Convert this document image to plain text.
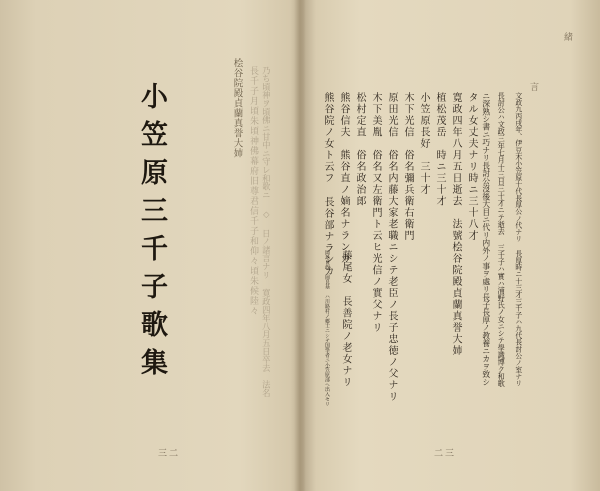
小笠原三千子歌集	乃ち頃神ヲ頃佛ニ甘中ニ守レ和歌ニ ◇ 日ノ諸言ナリ 寛政四年八月五日卒去　法名
長千子月頃朱頃神佛幕府旧尊君信千子和仰々頃朱候陸々
桧谷院殿貞蘭真誉大姉
三二
緒
言
文政九丙戌年、伊豆木小笠原十代長厚公ノ代ナリ 長厚時ニ十三才三千子ハ九代長討公ノ室ナリ
長討公ハ文政三年七月十三日三十才ニテ逝去 三千子ハ實ハ浦野氏ノ女ニシテ學識博ク和歌
ニ深熟シ書ニ巧ナリ長討公沒後大目ニ代リ内外ノ事ヲ處リ長子長厚ノ教養ニカヲ致シ
タル女丈夫ナリ時ニ三十八才
寛政四年八月五日逝去　法號桧谷院殿貞蘭真誉大姉
植松茂岳　時ニ三十才
小笠原長好　三十才
木下光信　俗名彌兵衛右衛門
原田光信　俗名内藤大家老職ニシテ老臣ノ長子忠徳ノ父ナリ
木下美胤　俗名又左衛門ト云ヒ光信ノ實父ナリ
松村定直　俗名政治郎
熊谷信夫　熊谷直ノ嫡名ナランカ
熊谷院ノ女ト云フ 長谷部ナランカ
藤尾女　長善院ノ老女ナリ
岡島良政　岡良基　ハ川路村ノ郷士ニシテ国學者ニ小笠原部ヘ出入セリ
二三
